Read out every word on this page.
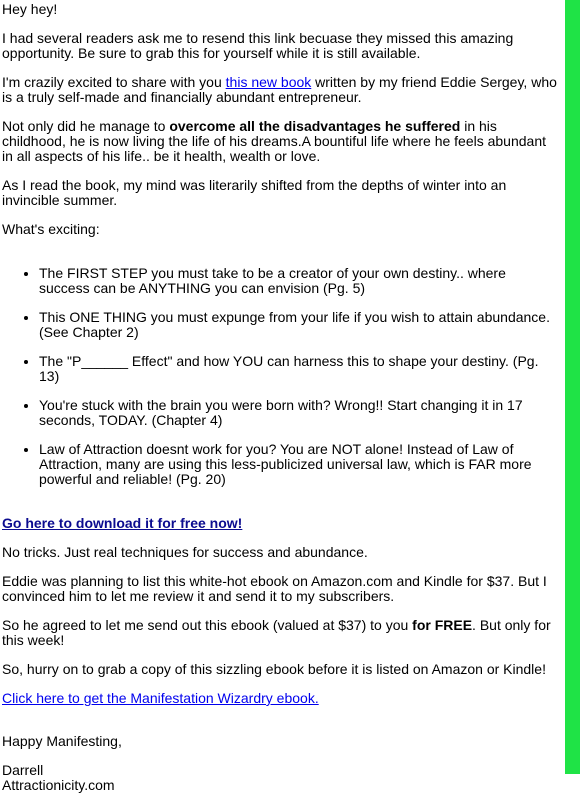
Hey hey!

I had several readers ask me to resend this link becuase they missed this amazing opportunity. Be sure to grab this for yourself while it is still available.

I'm crazily excited to share with you this new book written by my friend Eddie Sergey, who is a truly self-made and financially abundant entrepreneur.

Not only did he manage to overcome all the disadvantages he suffered in his childhood, he is now living the life of his dreams.A bountiful life where he feels abundant in all aspects of his life.. be it health, wealth or love.

As I read the book, my mind was literarily shifted from the depths of winter into an invincible summer.

What's exciting:

• The FIRST STEP you must take to be a creator of your own destiny.. where success can be ANYTHING you can envision (Pg. 5)
• This ONE THING you must expunge from your life if you wish to attain abundance. (See Chapter 2)
• The "P______ Effect" and how YOU can harness this to shape your destiny. (Pg. 13)
• You're stuck with the brain you were born with? Wrong!! Start changing it in 17 seconds, TODAY. (Chapter 4)
• Law of Attraction doesnt work for you? You are NOT alone! Instead of Law of Attraction, many are using this less-publicized universal law, which is FAR more powerful and reliable! (Pg. 20)

Go here to download it for free now!

No tricks. Just real techniques for success and abundance.

Eddie was planning to list this white-hot ebook on Amazon.com and Kindle for $37. But I convinced him to let me review it and send it to my subscribers.

So he agreed to let me send out this ebook (valued at $37) to you for FREE. But only for this week!

So, hurry on to grab a copy of this sizzling ebook before it is listed on Amazon or Kindle!

Click here to get the Manifestation Wizardry ebook.

Happy Manifesting,

Darrell
Attractionicity.com
